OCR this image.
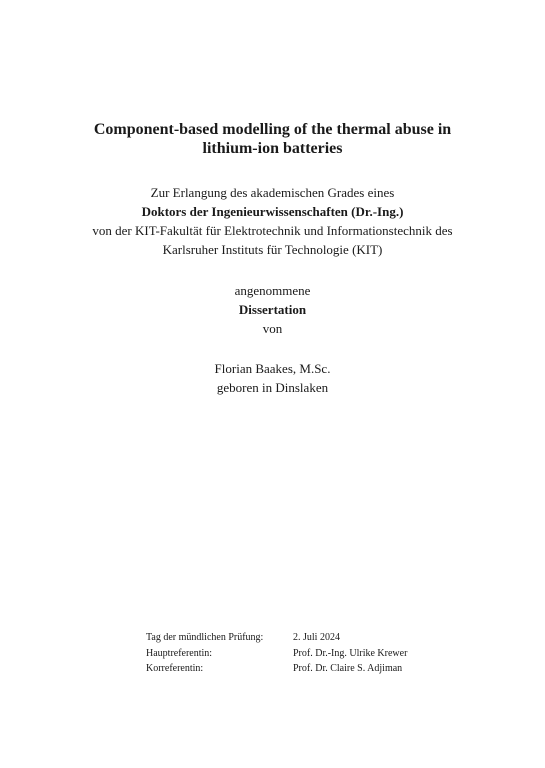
Component-based modelling of the thermal abuse in
lithium-ion batteries
Zur Erlangung des akademischen Grades eines
Doktors der Ingenieurwissenschaften (Dr.-Ing.)
von der KIT-Fakultät für Elektrotechnik und Informationstechnik des
Karlsruher Instituts für Technologie (KIT)
angenommene
Dissertation
von
Florian Baakes, M.Sc.
geboren in Dinslaken
Tag der mündlichen Prüfung:	2. Juli 2024
Hauptreferentin:	Prof. Dr.-Ing. Ulrike Krewer
Korreferentin:	Prof. Dr. Claire S. Adjiman
